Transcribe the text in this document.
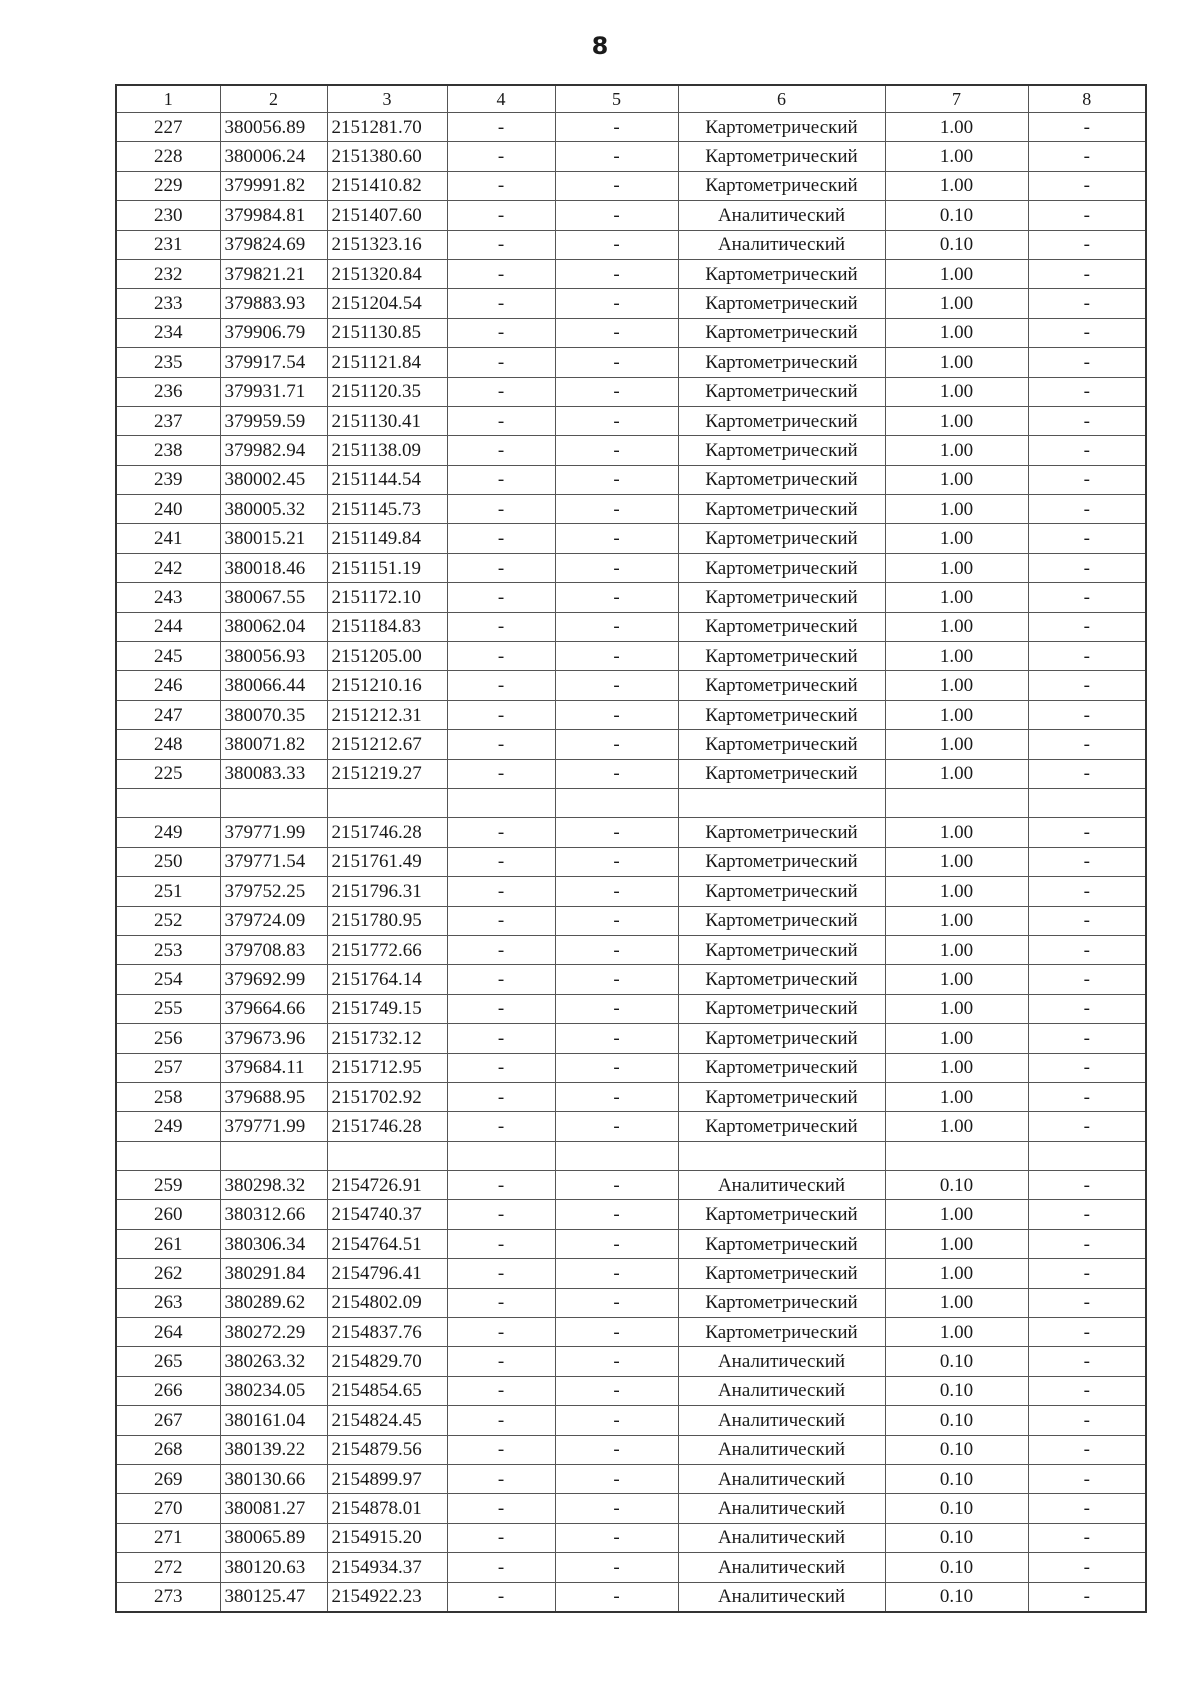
8
1	2	3	4	5	6	7	8
227	380056.89	2151281.70	-	-	Картометрический	1.00	-
228	380006.24	2151380.60	-	-	Картометрический	1.00	-
229	379991.82	2151410.82	-	-	Картометрический	1.00	-
230	379984.81	2151407.60	-	-	Аналитический	0.10	-
231	379824.69	2151323.16	-	-	Аналитический	0.10	-
232	379821.21	2151320.84	-	-	Картометрический	1.00	-
233	379883.93	2151204.54	-	-	Картометрический	1.00	-
234	379906.79	2151130.85	-	-	Картометрический	1.00	-
235	379917.54	2151121.84	-	-	Картометрический	1.00	-
236	379931.71	2151120.35	-	-	Картометрический	1.00	-
237	379959.59	2151130.41	-	-	Картометрический	1.00	-
238	379982.94	2151138.09	-	-	Картометрический	1.00	-
239	380002.45	2151144.54	-	-	Картометрический	1.00	-
240	380005.32	2151145.73	-	-	Картометрический	1.00	-
241	380015.21	2151149.84	-	-	Картометрический	1.00	-
242	380018.46	2151151.19	-	-	Картометрический	1.00	-
243	380067.55	2151172.10	-	-	Картометрический	1.00	-
244	380062.04	2151184.83	-	-	Картометрический	1.00	-
245	380056.93	2151205.00	-	-	Картометрический	1.00	-
246	380066.44	2151210.16	-	-	Картометрический	1.00	-
247	380070.35	2151212.31	-	-	Картометрический	1.00	-
248	380071.82	2151212.67	-	-	Картометрический	1.00	-
225	380083.33	2151219.27	-	-	Картометрический	1.00	-

249	379771.99	2151746.28	-	-	Картометрический	1.00	-
250	379771.54	2151761.49	-	-	Картометрический	1.00	-
251	379752.25	2151796.31	-	-	Картометрический	1.00	-
252	379724.09	2151780.95	-	-	Картометрический	1.00	-
253	379708.83	2151772.66	-	-	Картометрический	1.00	-
254	379692.99	2151764.14	-	-	Картометрический	1.00	-
255	379664.66	2151749.15	-	-	Картометрический	1.00	-
256	379673.96	2151732.12	-	-	Картометрический	1.00	-
257	379684.11	2151712.95	-	-	Картометрический	1.00	-
258	379688.95	2151702.92	-	-	Картометрический	1.00	-
249	379771.99	2151746.28	-	-	Картометрический	1.00	-

259	380298.32	2154726.91	-	-	Аналитический	0.10	-
260	380312.66	2154740.37	-	-	Картометрический	1.00	-
261	380306.34	2154764.51	-	-	Картометрический	1.00	-
262	380291.84	2154796.41	-	-	Картометрический	1.00	-
263	380289.62	2154802.09	-	-	Картометрический	1.00	-
264	380272.29	2154837.76	-	-	Картометрический	1.00	-
265	380263.32	2154829.70	-	-	Аналитический	0.10	-
266	380234.05	2154854.65	-	-	Аналитический	0.10	-
267	380161.04	2154824.45	-	-	Аналитический	0.10	-
268	380139.22	2154879.56	-	-	Аналитический	0.10	-
269	380130.66	2154899.97	-	-	Аналитический	0.10	-
270	380081.27	2154878.01	-	-	Аналитический	0.10	-
271	380065.89	2154915.20	-	-	Аналитический	0.10	-
272	380120.63	2154934.37	-	-	Аналитический	0.10	-
273	380125.47	2154922.23	-	-	Аналитический	0.10	-
